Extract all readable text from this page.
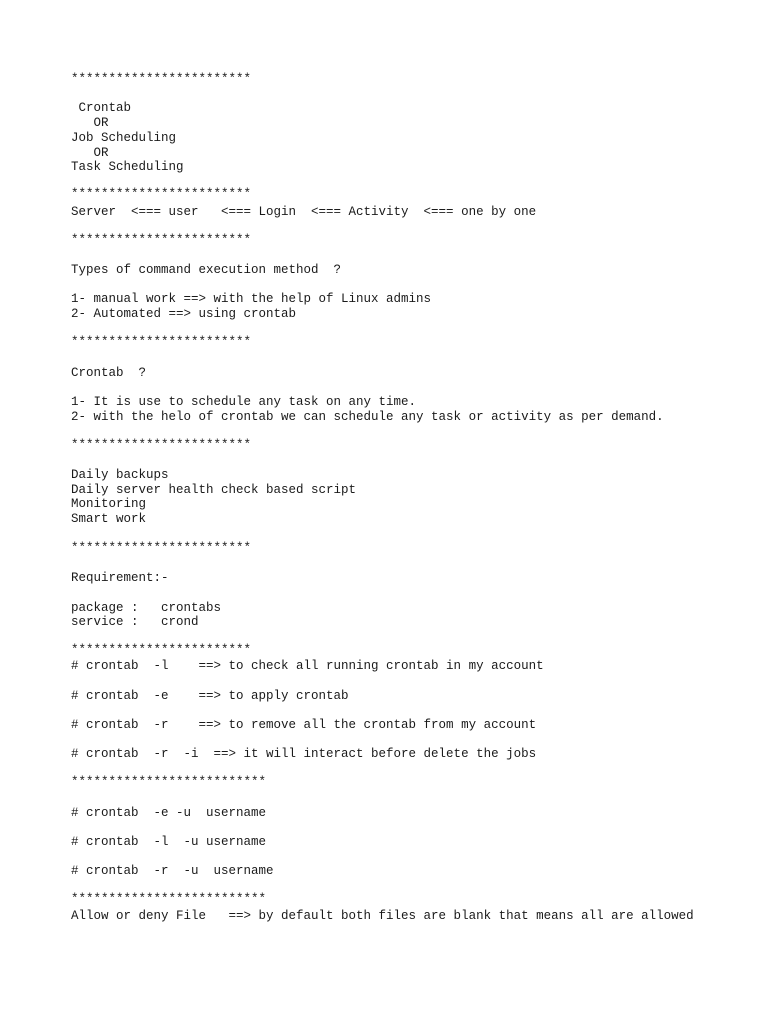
************************
Crontab
OR
Job Scheduling
OR
Task Scheduling
************************
Server  <=== user   <=== Login  <=== Activity  <=== one by one
************************
Types of command execution method  ?
1- manual work ==> with the help of Linux admins
2- Automated ==> using crontab
************************
Crontab  ?
1- It is use to schedule any task on any time.
2- with the helo of crontab we can schedule any task or activity as per demand.
************************
Daily backups
Daily server health check based script
Monitoring
Smart work
************************
Requirement:-
package :   crontabs
service :   crond
************************
# crontab  -l    ==> to check all running crontab in my account
# crontab  -e    ==> to apply crontab
# crontab  -r    ==> to remove all the crontab from my account
# crontab  -r  -i  ==> it will interact before delete the jobs
**************************
# crontab  -e -u  username
# crontab  -l  -u username
# crontab  -r  -u  username
**************************
Allow or deny File   ==> by default both files are blank that means all are allowed
